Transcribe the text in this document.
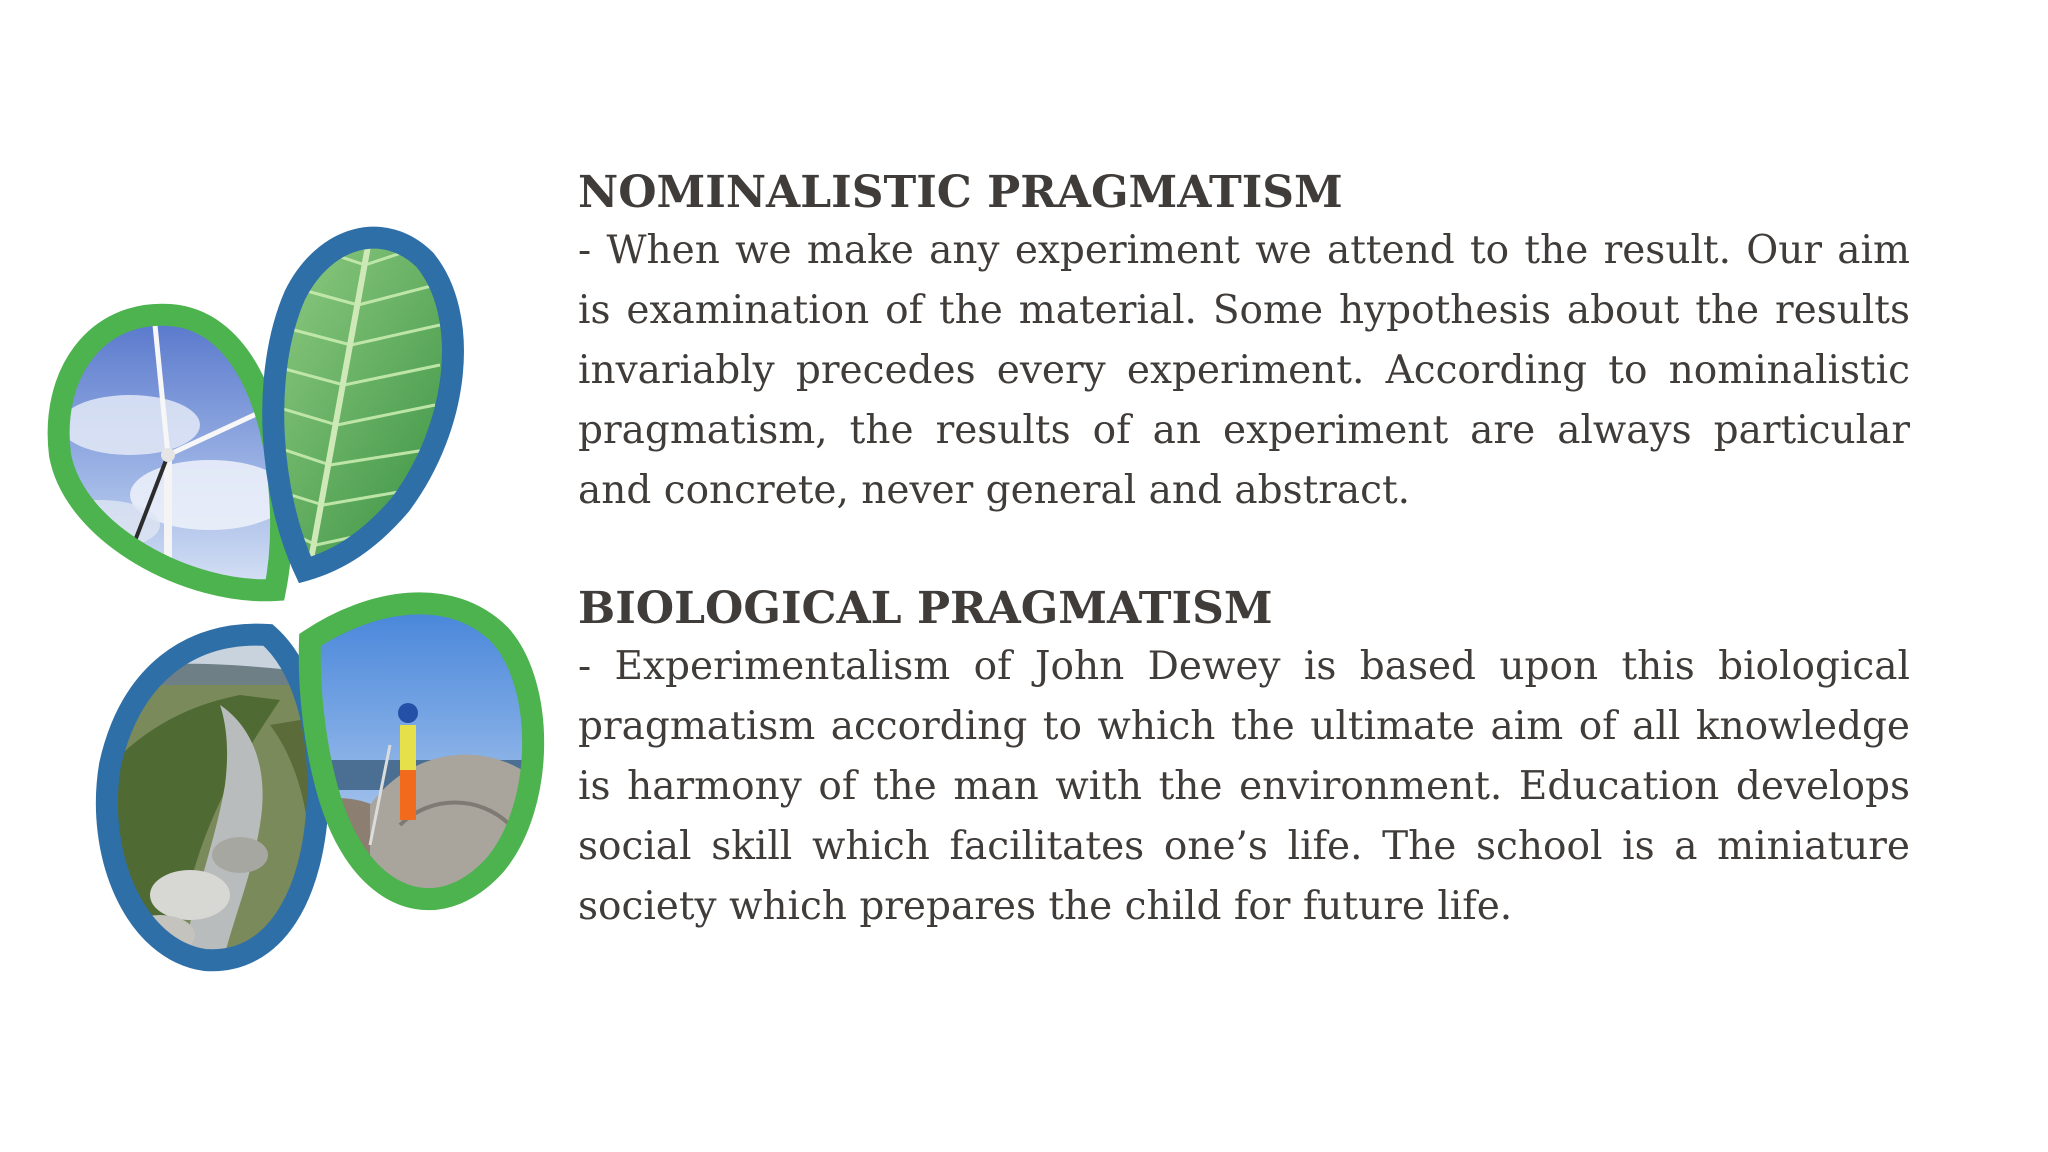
NOMINALISTIC PRAGMATISM

- When we make any experiment we attend to the result. Our aim is examination of the material. Some hypothesis about the results invariably precedes every experiment. According to nominalistic pragmatism, the results of an experiment are always particular and concrete, never general and abstract.

BIOLOGICAL PRAGMATISM

- Experimentalism of John Dewey is based upon this biological pragmatism according to which the ultimate aim of all knowledge is harmony of the man with the environment. Education develops social skill which facilitates one’s life. The school is a miniature society which prepares the child for future life.
